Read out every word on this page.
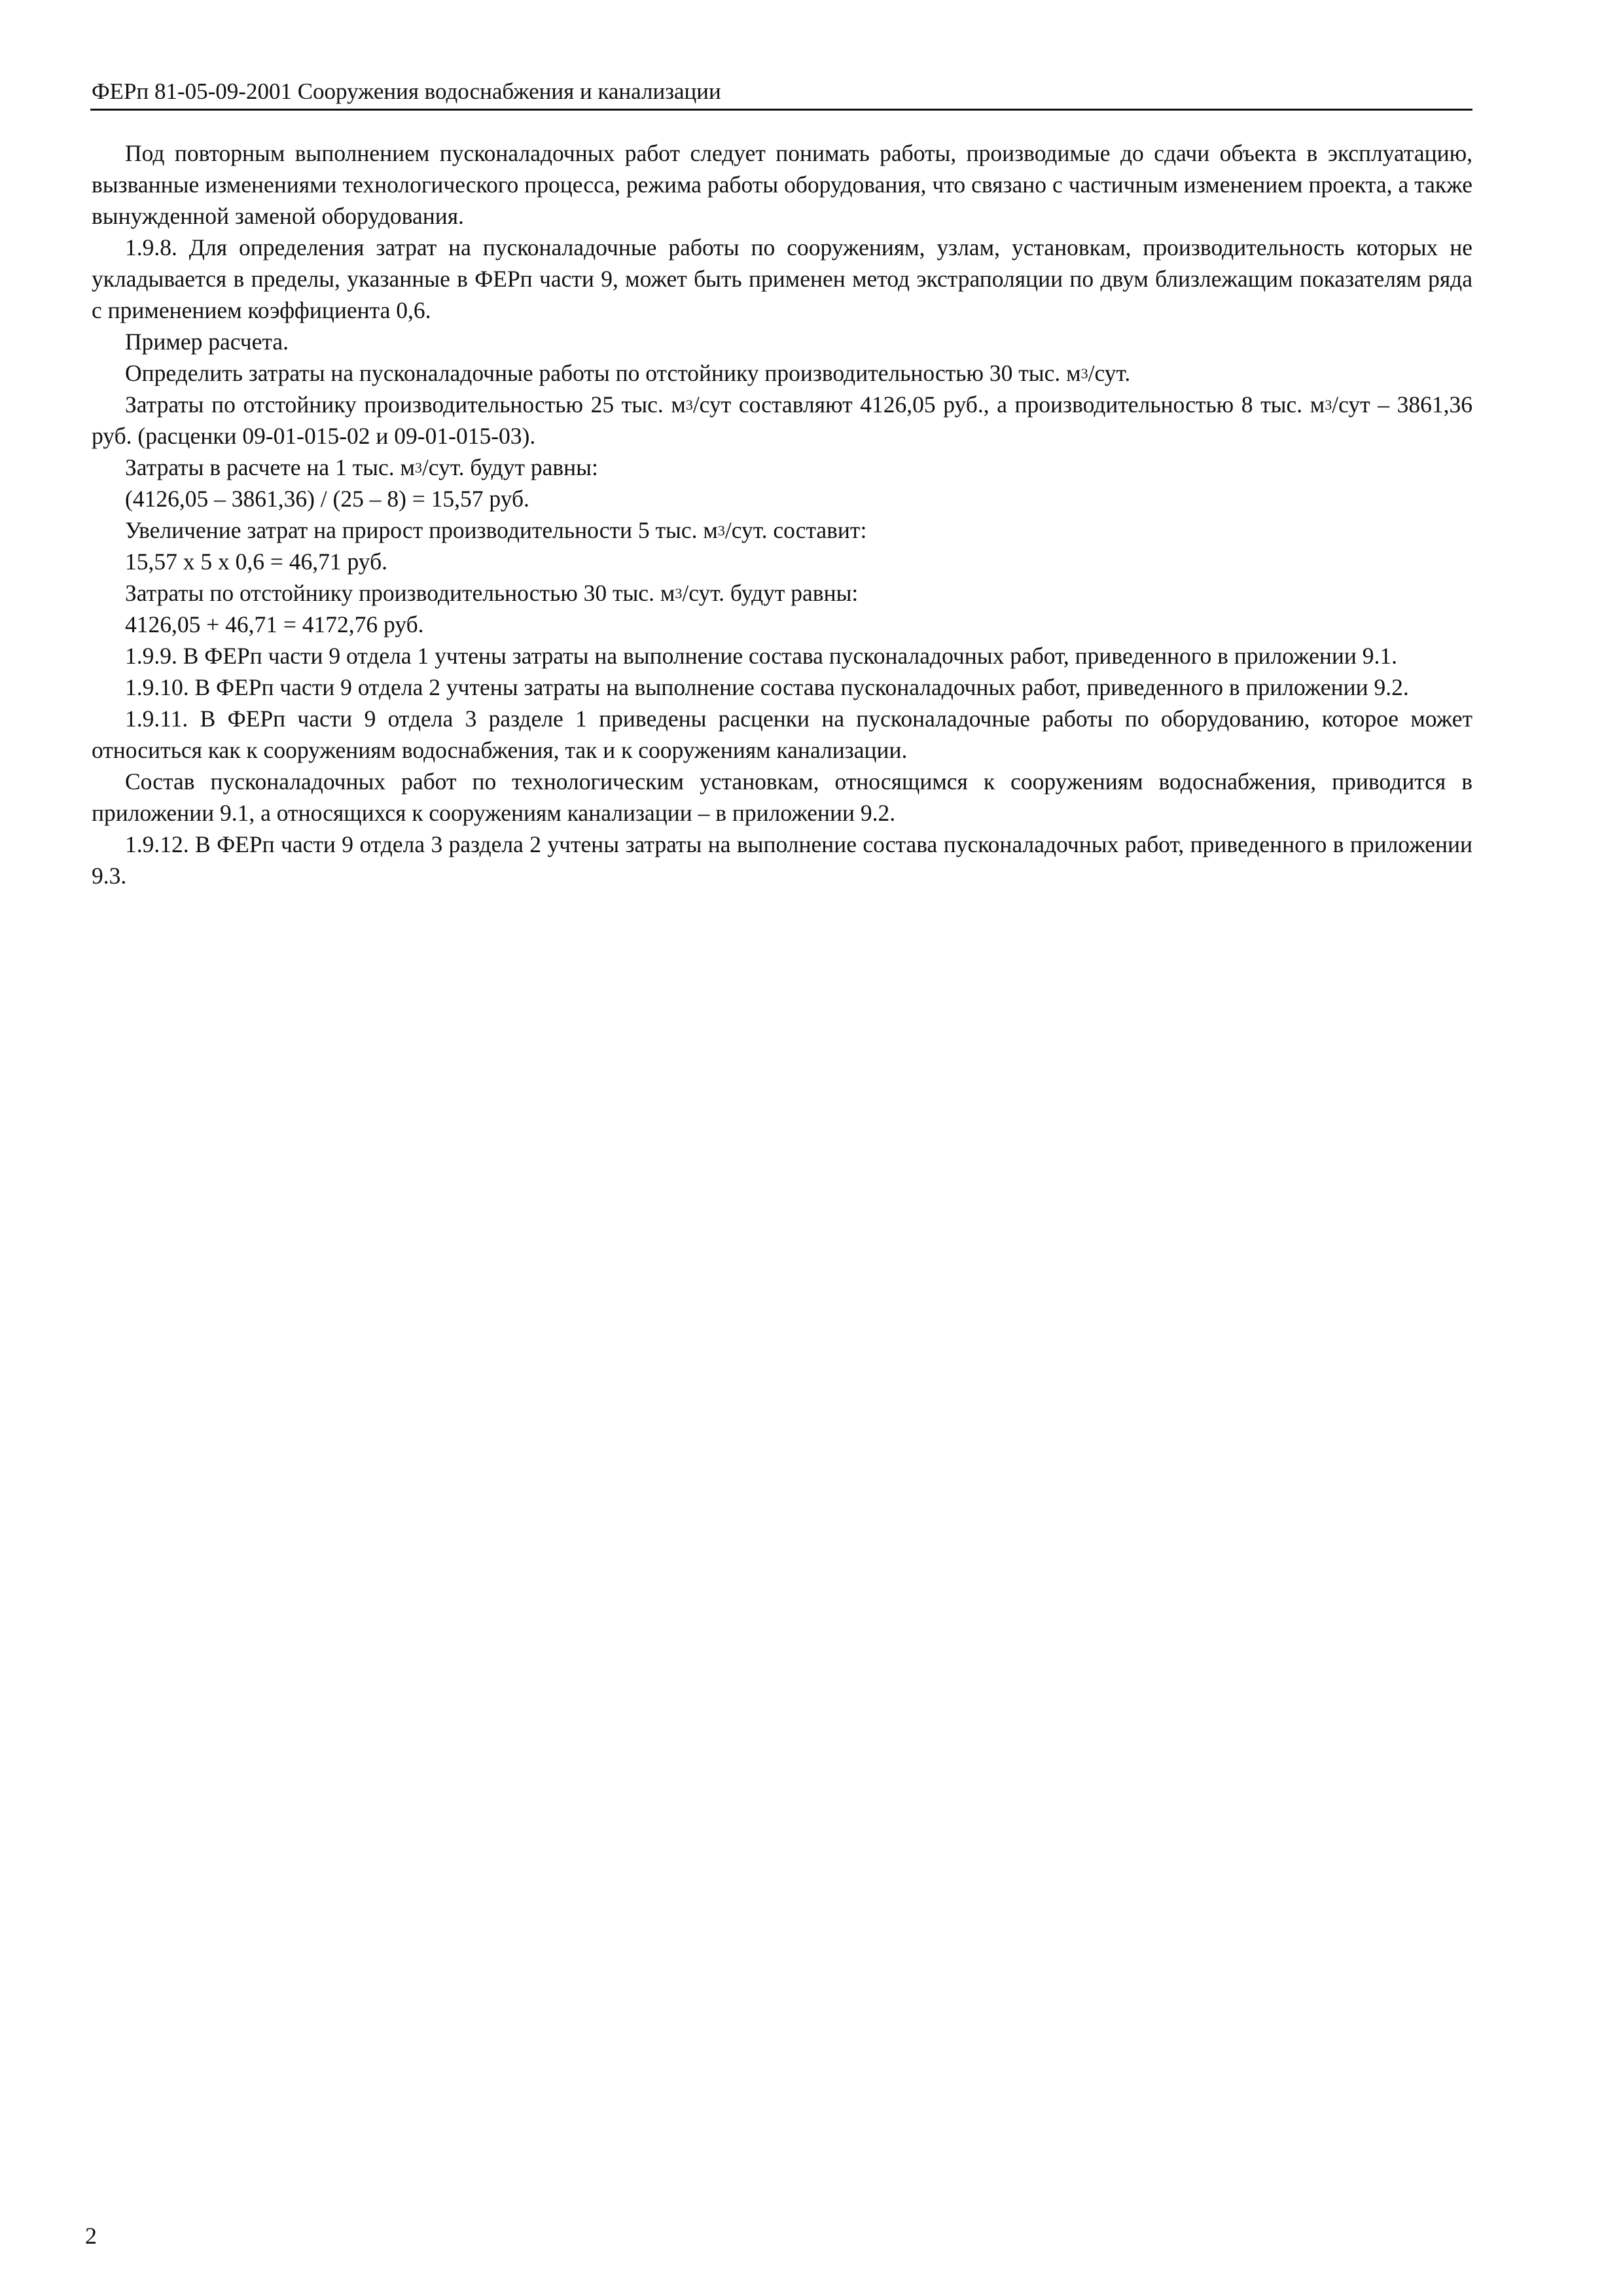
ФЕРп 81-05-09-2001 Сооружения водоснабжения и канализации

Под повторным выполнением пусконаладочных работ следует понимать работы, производимые до сдачи объекта в эксплуатацию, вызванные изменениями технологического процесса, режима работы оборудования, что связано с частичным изменением проекта, а также вынужденной заменой оборудования.

1.9.8. Для определения затрат на пусконаладочные работы по сооружениям, узлам, установкам, производительность которых не укладывается в пределы, указанные в ФЕРп части 9, может быть применен метод экстраполяции по двум близлежащим показателям ряда с применением коэффициента 0,6.

Пример расчета.

Определить затраты на пусконаладочные работы по отстойнику производительностью 30 тыс. $м^3$/сут.

Затраты по отстойнику производительностью 25 тыс. $м^3$/сут составляют 4126,05 руб., а производительностью 8 тыс. $м^3$/сут – 3861,36 руб. (расценки 09-01-015-02 и 09-01-015-03).

Затраты в расчете на 1 тыс. $м^3$/сут. будут равны:

(4126,05 – 3861,36) / (25 – 8) = 15,57 руб.

Увеличение затрат на прирост производительности 5 тыс. $м^3$/сут. составит:

15,57 х 5 х 0,6 = 46,71 руб.

Затраты по отстойнику производительностью 30 тыс. $м^3$/сут. будут равны:

4126,05 + 46,71 = 4172,76 руб.

1.9.9. В ФЕРп части 9 отдела 1 учтены затраты на выполнение состава пусконаладочных работ, приведенного в приложении 9.1.

1.9.10. В ФЕРп части 9 отдела 2 учтены затраты на выполнение состава пусконаладочных работ, приведенного в приложении 9.2.

1.9.11. В ФЕРп части 9 отдела 3 разделе 1 приведены расценки на пусконаладочные работы по оборудованию, которое может относиться как к сооружениям водоснабжения, так и к сооружениям канализации.

Состав пусконаладочных работ по технологическим установкам, относящимся к сооружениям водоснабжения, приводится в приложении 9.1, а относящихся к сооружениям канализации – в приложении 9.2.

1.9.12. В ФЕРп части 9 отдела 3 раздела 2 учтены затраты на выполнение состава пусконаладочных работ, приведенного в приложении 9.3.

2
